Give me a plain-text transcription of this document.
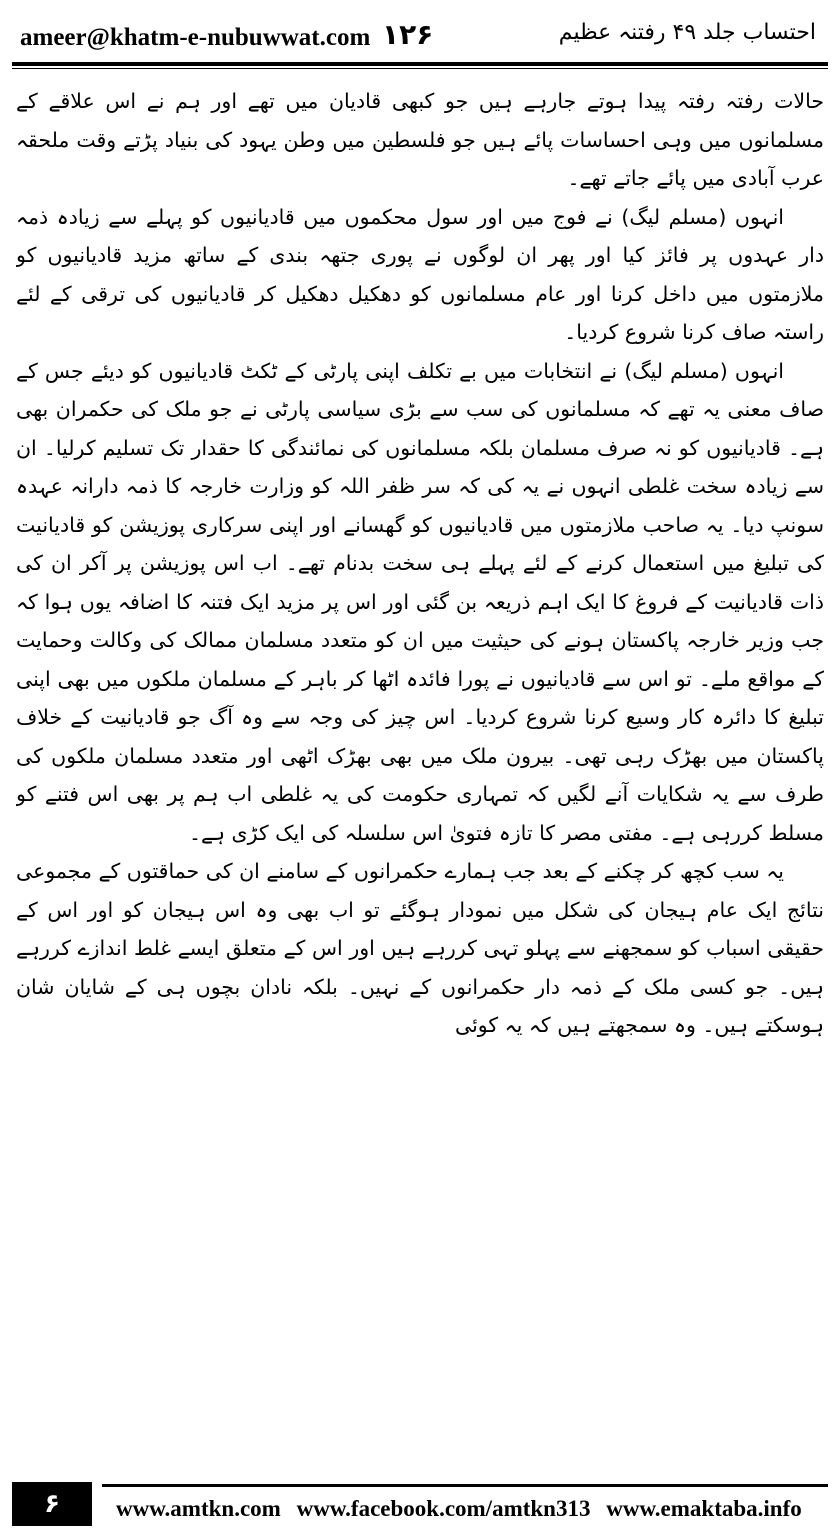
ameer@khatm-e-nubuwwat.com ۱۲۶	احتساب جلد ۴۹ رفتنہ عظیم

حالات رفتہ رفتہ پیدا ہوتے جارہے ہیں جو کبھی قادیان میں تھے اور ہم نے اس علاقے کے مسلمانوں میں وہی احساسات پائے ہیں جو فلسطین میں وطن یہود کی بنیاد پڑتے وقت ملحقہ عرب آبادی میں پائے جاتے تھے۔

انہوں (مسلم لیگ) نے فوج میں اور سول محکموں میں قادیانیوں کو پہلے سے زیادہ ذمہ دار عہدوں پر فائز کیا اور پھر ان لوگوں نے پوری جتھہ بندی کے ساتھ مزید قادیانیوں کو ملازمتوں میں داخل کرنا اور عام مسلمانوں کو دھکیل دھکیل کر قادیانیوں کی ترقی کے لئے راستہ صاف کرنا شروع کردیا۔

انہوں (مسلم لیگ) نے انتخابات میں بے تکلف اپنی پارٹی کے ٹکٹ قادیانیوں کو دیئے جس کے صاف معنی یہ تھے کہ مسلمانوں کی سب سے بڑی سیاسی پارٹی نے جو ملک کی حکمران بھی ہے۔ قادیانیوں کو نہ صرف مسلمان بلکہ مسلمانوں کی نمائندگی کا حقدار تک تسلیم کرلیا۔ ان سے زیادہ سخت غلطی انہوں نے یہ کی کہ سر ظفر اللہ کو وزارت خارجہ کا ذمہ دارانہ عہدہ سونپ دیا۔ یہ صاحب ملازمتوں میں قادیانیوں کو گھسانے اور اپنی سرکاری پوزیشن کو قادیانیت کی تبلیغ میں استعمال کرنے کے لئے پہلے ہی سخت بدنام تھے۔ اب اس پوزیشن پر آکر ان کی ذات قادیانیت کے فروغ کا ایک اہم ذریعہ بن گئی اور اس پر مزید ایک فتنہ کا اضافہ یوں ہوا کہ جب وزیر خارجہ پاکستان ہونے کی حیثیت میں ان کو متعدد مسلمان ممالک کی وکالت وحمایت کے مواقع ملے۔ تو اس سے قادیانیوں نے پورا فائدہ اٹھا کر باہر کے مسلمان ملکوں میں بھی اپنی تبلیغ کا دائرہ کار وسیع کرنا شروع کردیا۔ اس چیز کی وجہ سے وہ آگ جو قادیانیت کے خلاف پاکستان میں بھڑک رہی تھی۔ بیرون ملک میں بھی بھڑک اٹھی اور متعدد مسلمان ملکوں کی طرف سے یہ شکایات آنے لگیں کہ تمہاری حکومت کی یہ غلطی اب ہم پر بھی اس فتنے کو مسلط کررہی ہے۔ مفتی مصر کا تازہ فتویٰ اس سلسلہ کی ایک کڑی ہے۔

یہ سب کچھ کر چکنے کے بعد جب ہمارے حکمرانوں کے سامنے ان کی حماقتوں کے مجموعی نتائج ایک عام ہیجان کی شکل میں نمودار ہوگئے تو اب بھی وہ اس ہیجان کو اور اس کے حقیقی اسباب کو سمجھنے سے پہلو تہی کررہے ہیں اور اس کے متعلق ایسے غلط اندازے کررہے ہیں۔ جو کسی ملک کے ذمہ دار حکمرانوں کے نہیں۔ بلکہ نادان بچوں ہی کے شایان شان ہوسکتے ہیں۔ وہ سمجھتے ہیں کہ یہ کوئی

۶	www.amtkn.com www.facebook.com/amtkn313 www.emaktaba.info
